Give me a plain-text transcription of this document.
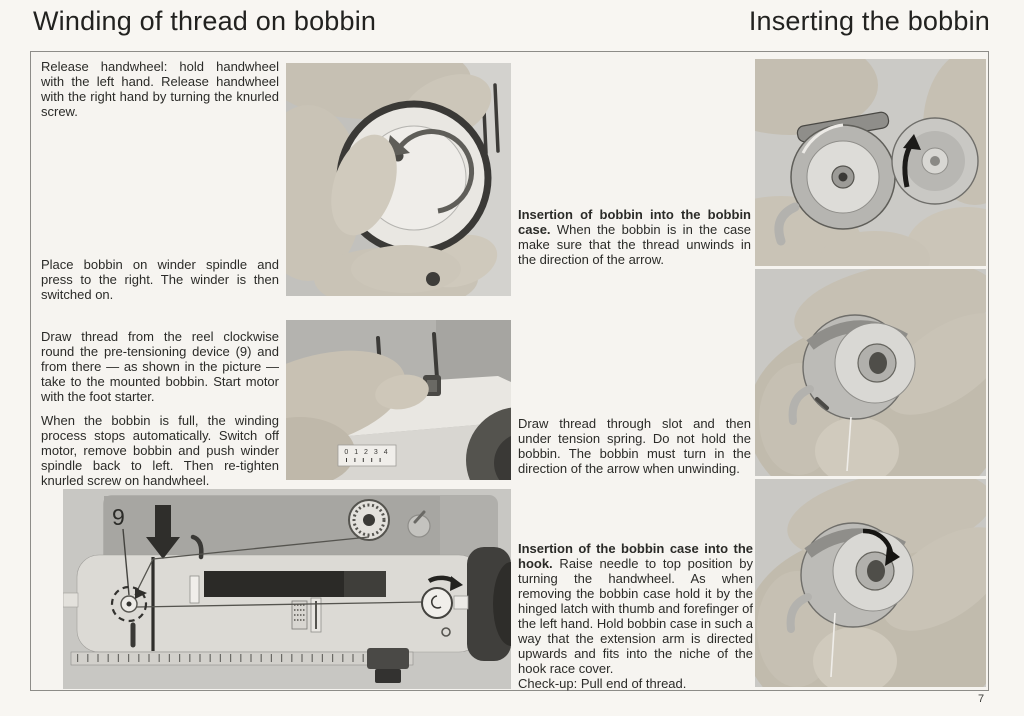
Winding of thread on bobbin	Inserting the bobbin

Release handwheel: hold handwheel with the left hand. Release handwheel with the right hand by turning the knurled screw.

Place bobbin on winder spindle and press to the right. The winder is then switched on.

Draw thread from the reel clockwise round the pre-tensioning device (9) and from there — as shown in the picture — take to the mounted bobbin. Start motor with the foot starter.

When the bobbin is full, the winding process stops automatically. Switch off motor, remove bobbin and push winder spindle back to left. Then re-tighten knurled screw on handwheel.

Insertion of bobbin into the bobbin case. When the bobbin is in the case make sure that the thread unwinds in the direction of the arrow.

Draw thread through slot and then under tension spring. Do not hold the bobbin. The bobbin must turn in the direction of the arrow when unwinding.

Insertion of the bobbin case into the hook. Raise needle to top position by turning the handwheel. As when removing the bobbin case hold it by the hinged latch with thumb and forefinger of the left hand. Hold bobbin case in such a way that the extension arm is directed upwards and fits into the niche of the hook race cover.

Check-up: Pull end of thread.

0 1 2 3 4
9
7
